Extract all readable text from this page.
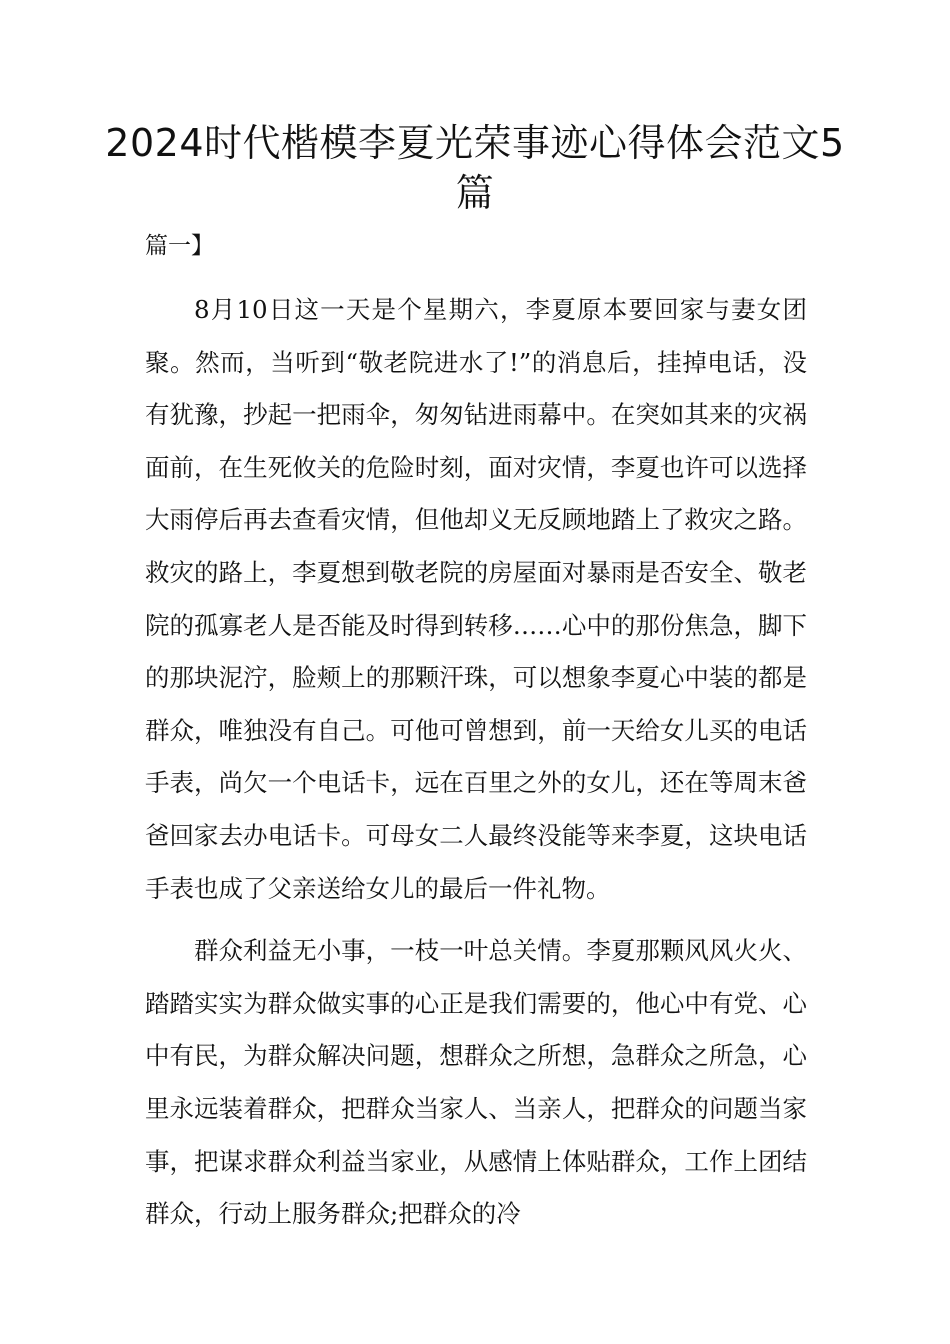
2024时代楷模李夏光荣事迹心得体会范文5篇

篇一】

8月10日这一天是个星期六，李夏原本要回家与妻女团聚。然而，当听到“敬老院进水了!”的消息后，挂掉电话，没有犹豫，抄起一把雨伞，匆匆钻进雨幕中。在突如其来的灾祸面前，在生死攸关的危险时刻，面对灾情，李夏也许可以选择大雨停后再去查看灾情，但他却义无反顾地踏上了救灾之路。救灾的路上，李夏想到敬老院的房屋面对暴雨是否安全、敬老院的孤寡老人是否能及时得到转移……心中的那份焦急，脚下的那块泥泞，脸颊上的那颗汗珠，可以想象李夏心中装的都是群众，唯独没有自己。可他可曾想到，前一天给女儿买的电话手表，尚欠一个电话卡，远在百里之外的女儿，还在等周末爸爸回家去办电话卡。可母女二人最终没能等来李夏，这块电话手表也成了父亲送给女儿的最后一件礼物。

群众利益无小事，一枝一叶总关情。李夏那颗风风火火、踏踏实实为群众做实事的心正是我们需要的，他心中有党、心中有民，为群众解决问题，想群众之所想，急群众之所急，心里永远装着群众，把群众当家人、当亲人，把群众的问题当家事，把谋求群众利益当家业，从感情上体贴群众，工作上团结群众，行动上服务群众;把群众的冷
